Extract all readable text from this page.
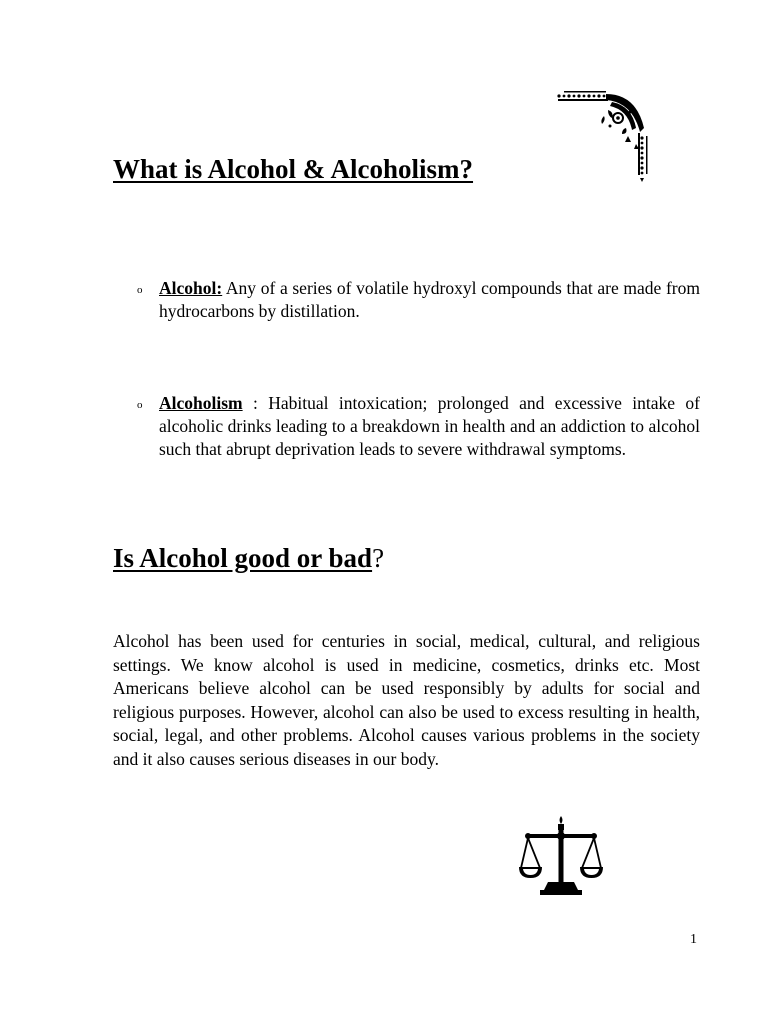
What is Alcohol & Alcoholism?
o Alcohol: Any of a series of volatile hydroxyl compounds that are made from hydrocarbons by distillation.
o Alcoholism : Habitual intoxication; prolonged and excessive intake of alcoholic drinks leading to a breakdown in health and an addiction to alcohol such that abrupt deprivation leads to severe withdrawal symptoms.
Is Alcohol good or bad?

Alcohol has been used for centuries in social, medical, cultural, and religious settings. We know alcohol is used in medicine, cosmetics, drinks etc. Most Americans believe alcohol can be used responsibly by adults for social and religious purposes. However, alcohol can also be used to excess resulting in health, social, legal, and other problems. Alcohol causes various problems in the society and it also causes serious diseases in our body.

1
